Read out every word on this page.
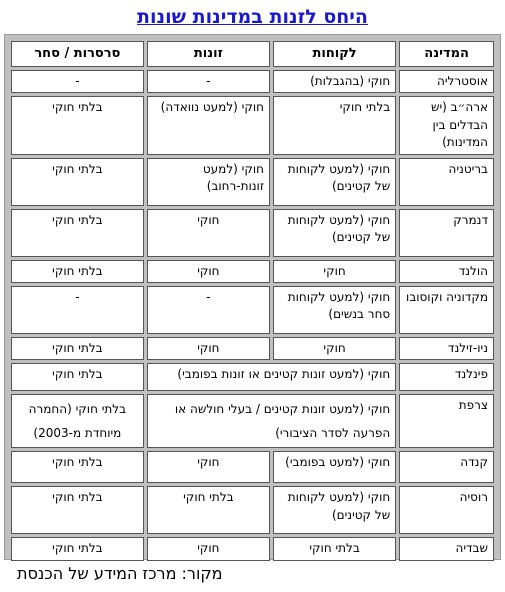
היחס לזנות במדינות שונות
המדינה	לקוחות	זונות	סרסרות / סחר
אוסטרליה	חוקי (בהגבלות)	-	-
ארה״ב (יש הבדלים בין המדינות)	בלתי חוקי	חוקי (למעט נוואדה)	בלתי חוקי
בריטניה	חוקי (למעט לקוחות של קטינים)	חוקי (למעט זונות-רחוב)	בלתי חוקי
דנמרק	חוקי (למעט לקוחות של קטינים)	חוקי	בלתי חוקי
הולנד	חוקי	חוקי	בלתי חוקי
מקדוניה וקוסובו	חוקי (למעט לקוחות סחר בנשים)	-	-
ניו-זילנד	חוקי	חוקי	בלתי חוקי
פינלנד	חוקי (למעט זונות קטינים או זונות בפומבי)		בלתי חוקי
צרפת	חוקי (למעט זונות קטינים / בעלי חולשה או הפרעה לסדר הציבורי)		בלתי חוקי (החמרה מיוחדת מ-2003)
קנדה	חוקי (למעט בפומבי)	חוקי	בלתי חוקי
רוסיה	חוקי (למעט לקוחות של קטינים)	בלתי חוקי	בלתי חוקי
שבדיה	בלתי חוקי	חוקי	בלתי חוקי
מקור: מרכז המידע של הכנסת
